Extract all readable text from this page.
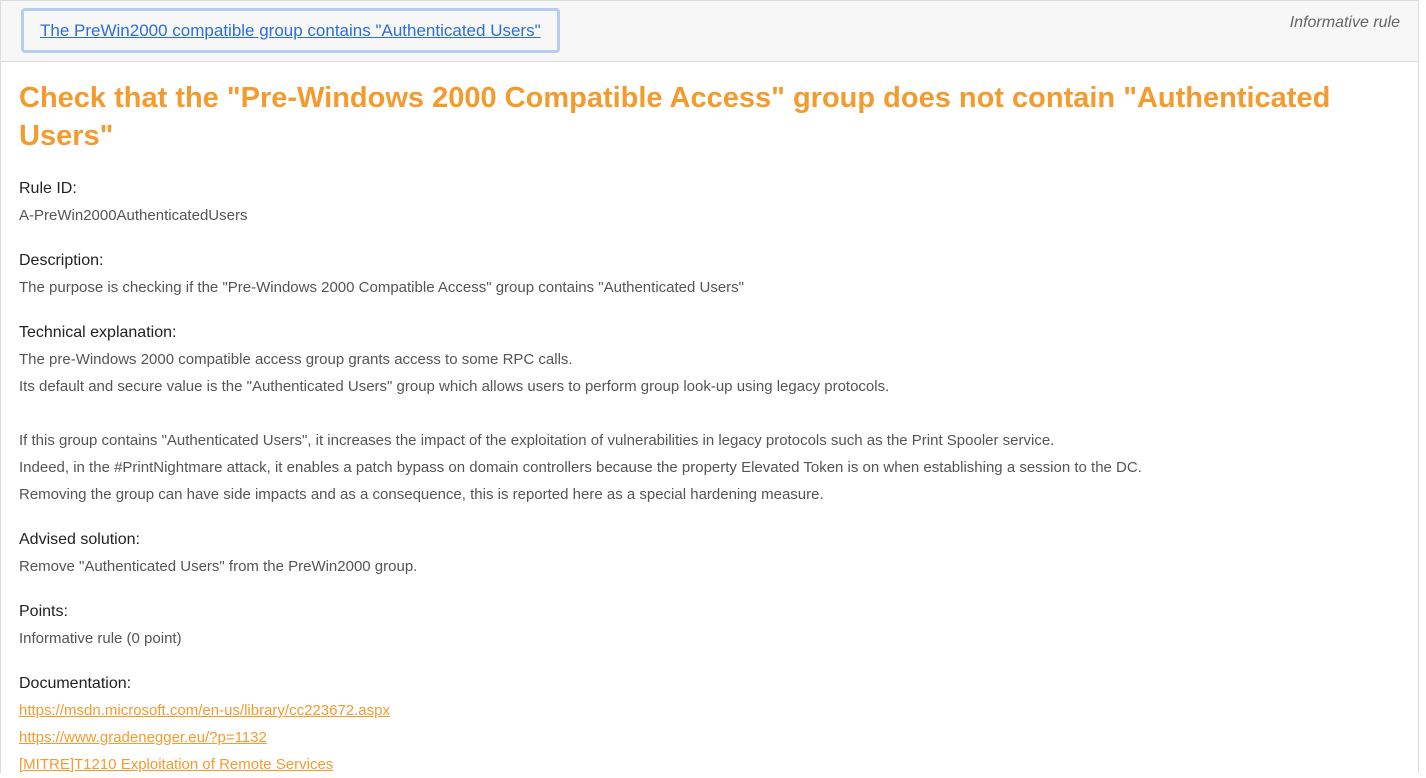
The PreWin2000 compatible group contains "Authenticated Users"	Informative rule
Check that the "Pre-Windows 2000 Compatible Access" group does not contain "Authenticated Users"
Rule ID:
A-PreWin2000AuthenticatedUsers
Description:
The purpose is checking if the "Pre-Windows 2000 Compatible Access" group contains "Authenticated Users"
Technical explanation:
The pre-Windows 2000 compatible access group grants access to some RPC calls.
Its default and secure value is the "Authenticated Users" group which allows users to perform group look-up using legacy protocols.
If this group contains "Authenticated Users", it increases the impact of the exploitation of vulnerabilities in legacy protocols such as the Print Spooler service.
Indeed, in the #PrintNightmare attack, it enables a patch bypass on domain controllers because the property Elevated Token is on when establishing a session to the DC.
Removing the group can have side impacts and as a consequence, this is reported here as a special hardening measure.
Advised solution:
Remove "Authenticated Users" from the PreWin2000 group.
Points:
Informative rule (0 point)
Documentation:
https://msdn.microsoft.com/en-us/library/cc223672.aspx
https://www.gradenegger.eu/?p=1132
[MITRE]T1210 Exploitation of Remote Services
